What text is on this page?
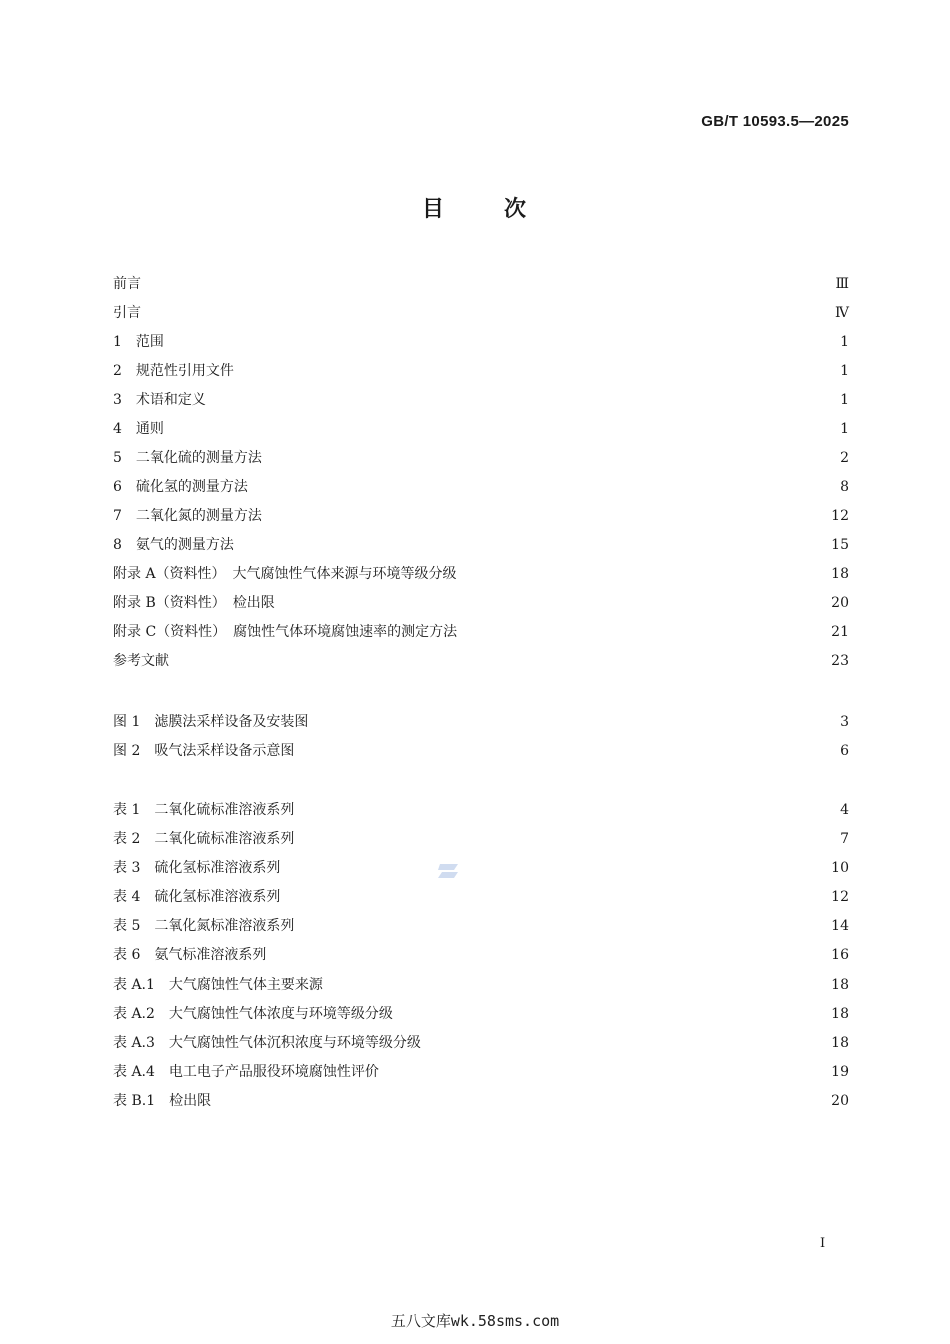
GB/T 10593.5—2025
目	次
前言	Ⅲ
引言	Ⅳ
1　范围	1
2　规范性引用文件	1
3　术语和定义	1
4　通则	1
5　二氧化硫的测量方法	2
6　硫化氢的测量方法	8
7　二氧化氮的测量方法	12
8　氨气的测量方法	15
附录 A（资料性）　大气腐蚀性气体来源与环境等级分级	18
附录 B（资料性）　检出限	20
附录 C（资料性）　腐蚀性气体环境腐蚀速率的测定方法	21
参考文献	23
图 1　滤膜法采样设备及安装图	3
图 2　吸气法采样设备示意图	6
表 1　二氧化硫标准溶液系列	4
表 2　二氧化硫标准溶液系列	7
表 3　硫化氢标准溶液系列	10
表 4　硫化氢标准溶液系列	12
表 5　二氧化氮标准溶液系列	14
表 6　氨气标准溶液系列	16
表 A.1　大气腐蚀性气体主要来源	18
表 A.2　大气腐蚀性气体浓度与环境等级分级	18
表 A.3　大气腐蚀性气体沉积浓度与环境等级分级	18
表 A.4　电工电子产品服役环境腐蚀性评价	19
表 B.1　检出限	20
I
五八文库wk.58sms.com
